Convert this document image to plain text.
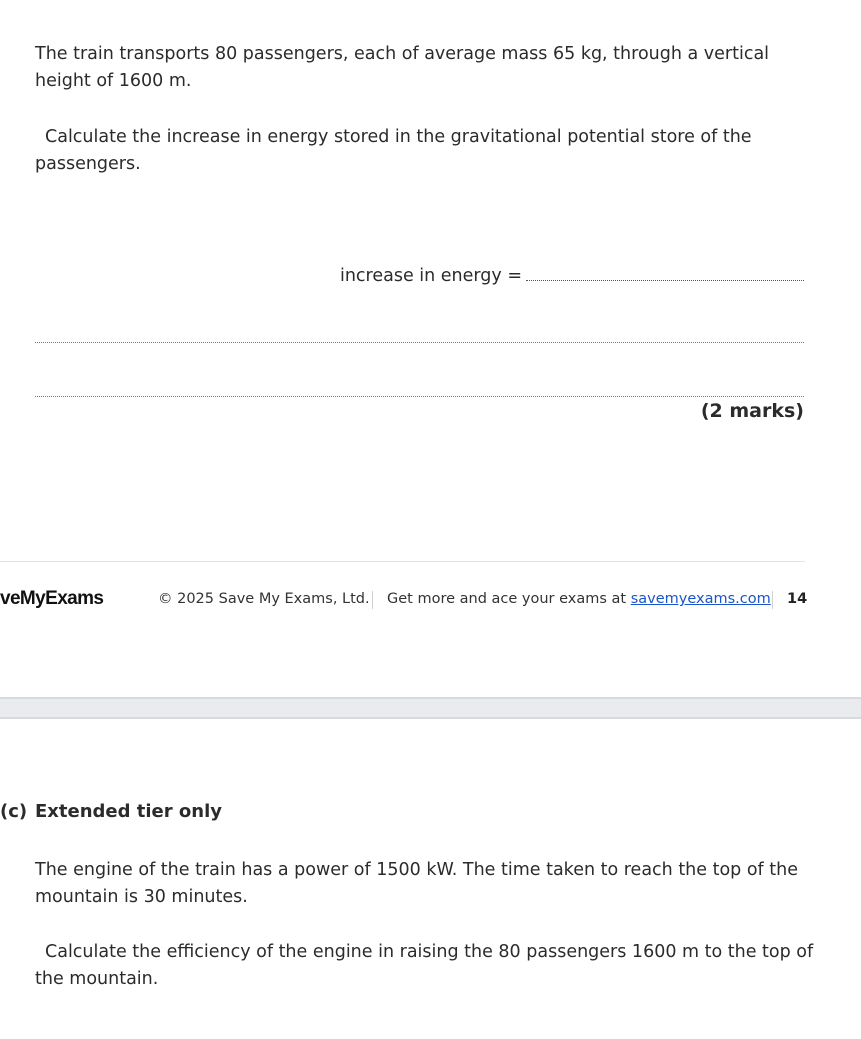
The train transports 80 passengers, each of average mass 65 kg, through a vertical height of 1600 m.

Calculate the increase in energy stored in the gravitational potential store of the passengers.

increase in energy =
(2 marks)
veMyExams	© 2025 Save My Exams, Ltd. Get more and ace your exams at savemyexams.com 14
(c) Extended tier only

The engine of the train has a power of 1500 kW. The time taken to reach the top of the mountain is 30 minutes.

Calculate the efficiency of the engine in raising the 80 passengers 1600 m to the top of the mountain.
